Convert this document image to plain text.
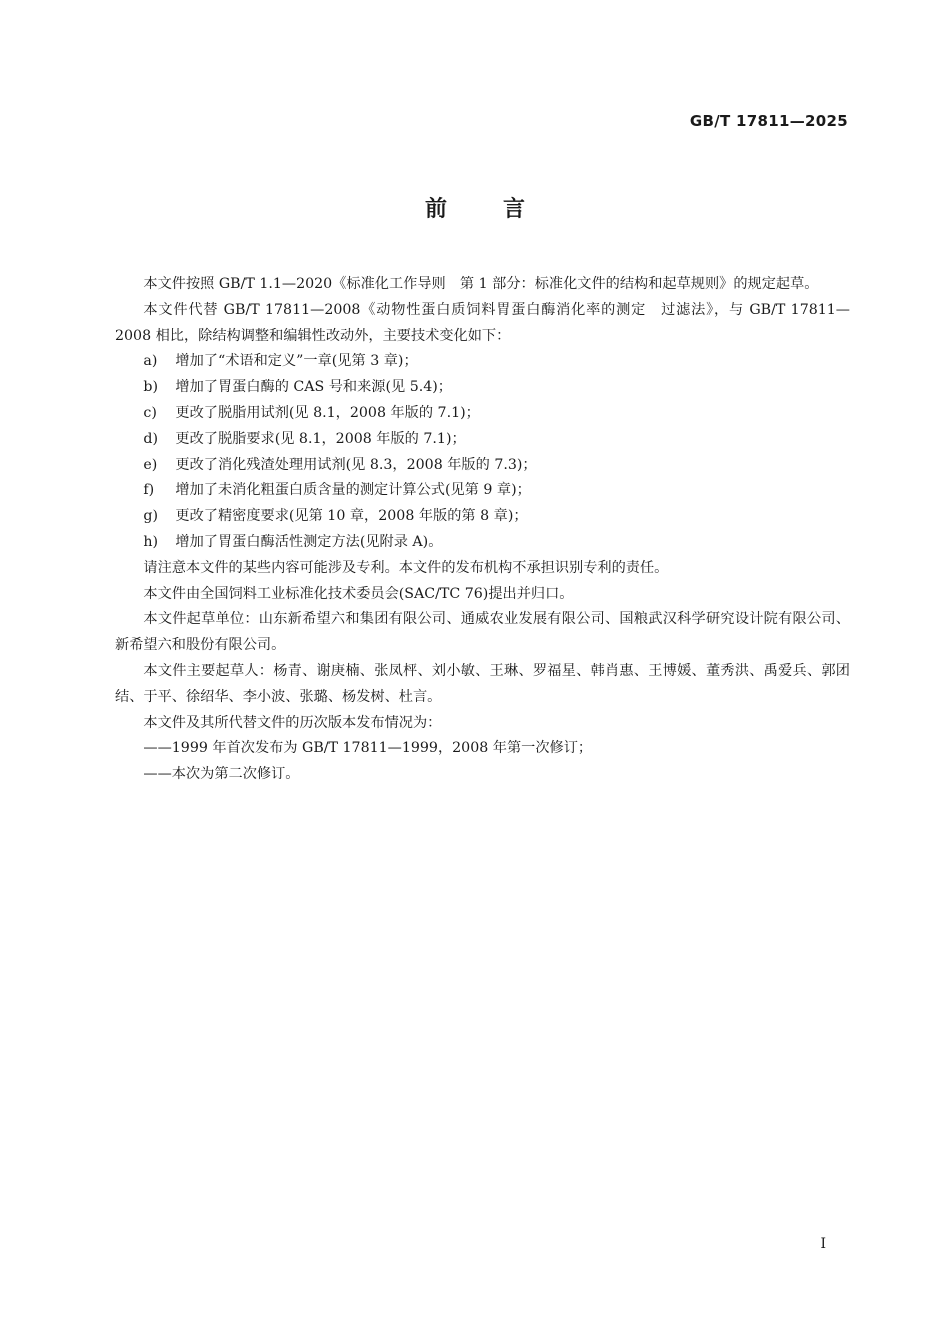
GB/T 17811—2025
前	言

本文件按照 GB/T 1.1—2020《标准化工作导则　第 1 部分：标准化文件的结构和起草规则》的规定起草。

本文件代替 GB/T 17811—2008《动物性蛋白质饲料胃蛋白酶消化率的测定　过滤法》，与 GB/T 17811—2008 相比，除结构调整和编辑性改动外，主要技术变化如下：

a) 增加了“术语和定义”一章(见第 3 章)；

b) 增加了胃蛋白酶的 CAS 号和来源(见 5.4)；

c) 更改了脱脂用试剂(见 8.1，2008 年版的 7.1)；

d) 更改了脱脂要求(见 8.1，2008 年版的 7.1)；

e) 更改了消化残渣处理用试剂(见 8.3，2008 年版的 7.3)；

f) 增加了未消化粗蛋白质含量的测定计算公式(见第 9 章)；

g) 更改了精密度要求(见第 10 章，2008 年版的第 8 章)；

h) 增加了胃蛋白酶活性测定方法(见附录 A)。

请注意本文件的某些内容可能涉及专利。本文件的发布机构不承担识别专利的责任。

本文件由全国饲料工业标准化技术委员会(SAC/TC 76)提出并归口。

本文件起草单位：山东新希望六和集团有限公司、通威农业发展有限公司、国粮武汉科学研究设计院有限公司、新希望六和股份有限公司。

本文件主要起草人：杨青、谢庚楠、张凤枰、刘小敏、王琳、罗福星、韩肖惠、王博媛、董秀洪、禹爱兵、郭团结、于平、徐绍华、李小波、张璐、杨发树、杜言。

本文件及其所代替文件的历次版本发布情况为：

——1999 年首次发布为 GB/T 17811—1999，2008 年第一次修订；

——本次为第二次修订。

I
